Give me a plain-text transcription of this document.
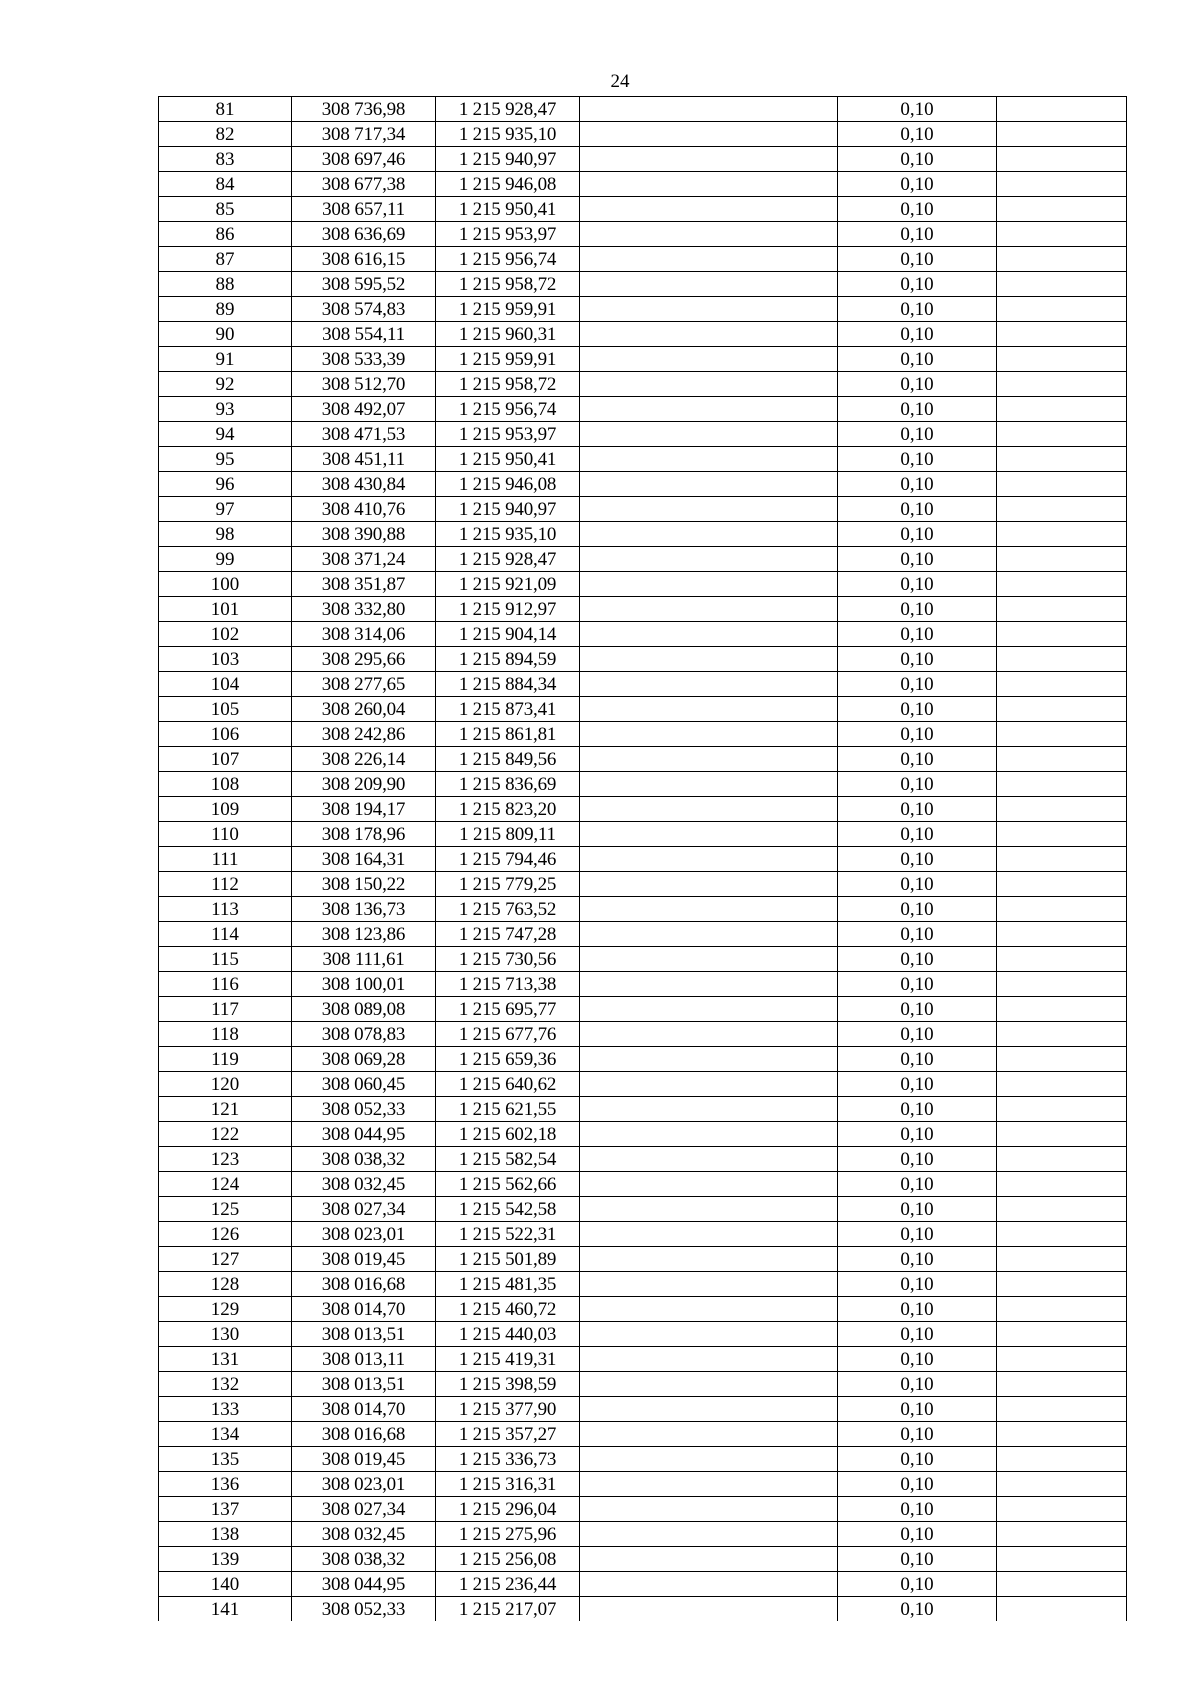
24
81	308 736,98	1 215 928,47		0,10	
82	308 717,34	1 215 935,10		0,10	
83	308 697,46	1 215 940,97		0,10	
84	308 677,38	1 215 946,08		0,10	
85	308 657,11	1 215 950,41		0,10	
86	308 636,69	1 215 953,97		0,10	
87	308 616,15	1 215 956,74		0,10	
88	308 595,52	1 215 958,72		0,10	
89	308 574,83	1 215 959,91		0,10	
90	308 554,11	1 215 960,31		0,10	
91	308 533,39	1 215 959,91		0,10	
92	308 512,70	1 215 958,72		0,10	
93	308 492,07	1 215 956,74		0,10	
94	308 471,53	1 215 953,97		0,10	
95	308 451,11	1 215 950,41		0,10	
96	308 430,84	1 215 946,08		0,10	
97	308 410,76	1 215 940,97		0,10	
98	308 390,88	1 215 935,10		0,10	
99	308 371,24	1 215 928,47		0,10	
100	308 351,87	1 215 921,09		0,10	
101	308 332,80	1 215 912,97		0,10	
102	308 314,06	1 215 904,14		0,10	
103	308 295,66	1 215 894,59		0,10	
104	308 277,65	1 215 884,34		0,10	
105	308 260,04	1 215 873,41		0,10	
106	308 242,86	1 215 861,81		0,10	
107	308 226,14	1 215 849,56		0,10	
108	308 209,90	1 215 836,69		0,10	
109	308 194,17	1 215 823,20		0,10	
110	308 178,96	1 215 809,11		0,10	
111	308 164,31	1 215 794,46		0,10	
112	308 150,22	1 215 779,25		0,10	
113	308 136,73	1 215 763,52		0,10	
114	308 123,86	1 215 747,28		0,10	
115	308 111,61	1 215 730,56		0,10	
116	308 100,01	1 215 713,38		0,10	
117	308 089,08	1 215 695,77		0,10	
118	308 078,83	1 215 677,76		0,10	
119	308 069,28	1 215 659,36		0,10	
120	308 060,45	1 215 640,62		0,10	
121	308 052,33	1 215 621,55		0,10	
122	308 044,95	1 215 602,18		0,10	
123	308 038,32	1 215 582,54		0,10	
124	308 032,45	1 215 562,66		0,10	
125	308 027,34	1 215 542,58		0,10	
126	308 023,01	1 215 522,31		0,10	
127	308 019,45	1 215 501,89		0,10	
128	308 016,68	1 215 481,35		0,10	
129	308 014,70	1 215 460,72		0,10	
130	308 013,51	1 215 440,03		0,10	
131	308 013,11	1 215 419,31		0,10	
132	308 013,51	1 215 398,59		0,10	
133	308 014,70	1 215 377,90		0,10	
134	308 016,68	1 215 357,27		0,10	
135	308 019,45	1 215 336,73		0,10	
136	308 023,01	1 215 316,31		0,10	
137	308 027,34	1 215 296,04		0,10	
138	308 032,45	1 215 275,96		0,10	
139	308 038,32	1 215 256,08		0,10	
140	308 044,95	1 215 236,44		0,10	
141	308 052,33	1 215 217,07		0,10	
